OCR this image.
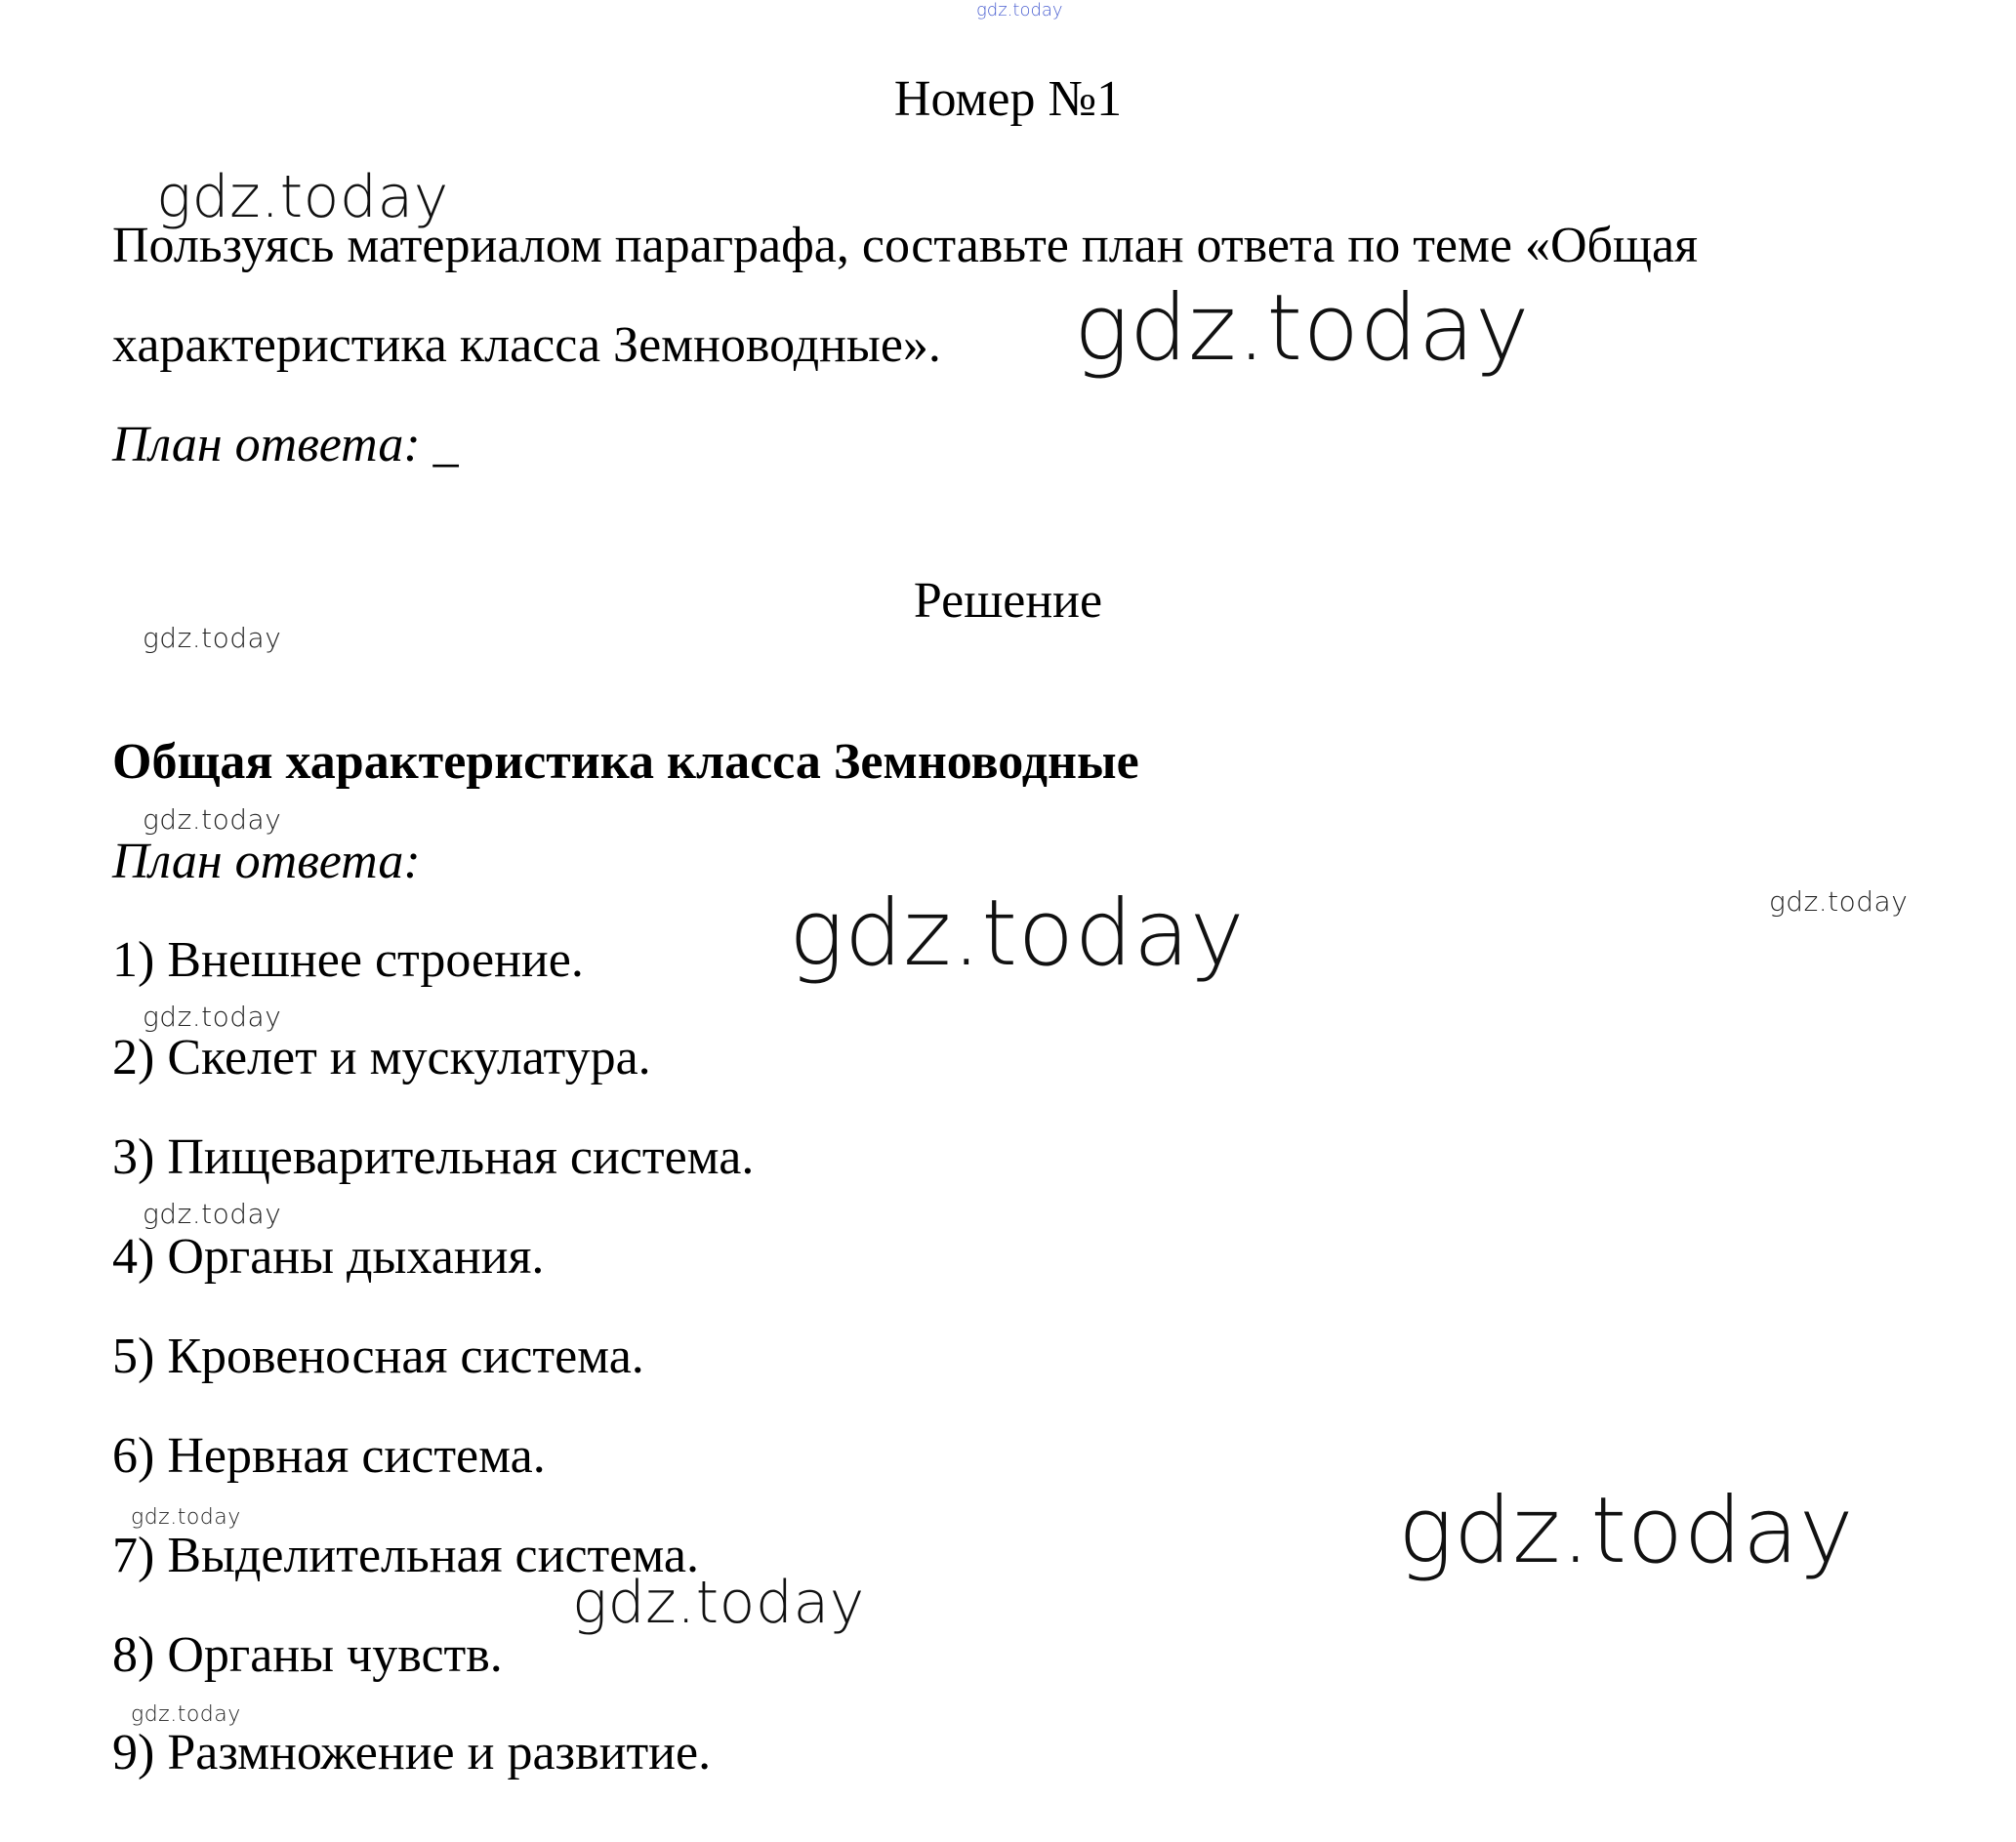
gdz.today
Номер №1
gdz.today
Пользуясь материалом параграфа, составьте план ответа по теме «Общая
характеристика класса Земноводные». gdz.today
План ответа: _
Решение
gdz.today
Общая характеристика класса Земноводные
gdz.today
План ответа:
gdz.today
gdz.today
1) Внешнее строение.
gdz.today
2) Скелет и мускулатура.
3) Пищеварительная система.
gdz.today
4) Органы дыхания.
5) Кровеносная система.
6) Нервная система.
gdz.today	gdz.today
7) Выделительная система.
gdz.today
8) Органы чувств.
gdz.today
9) Размножение и развитие.
